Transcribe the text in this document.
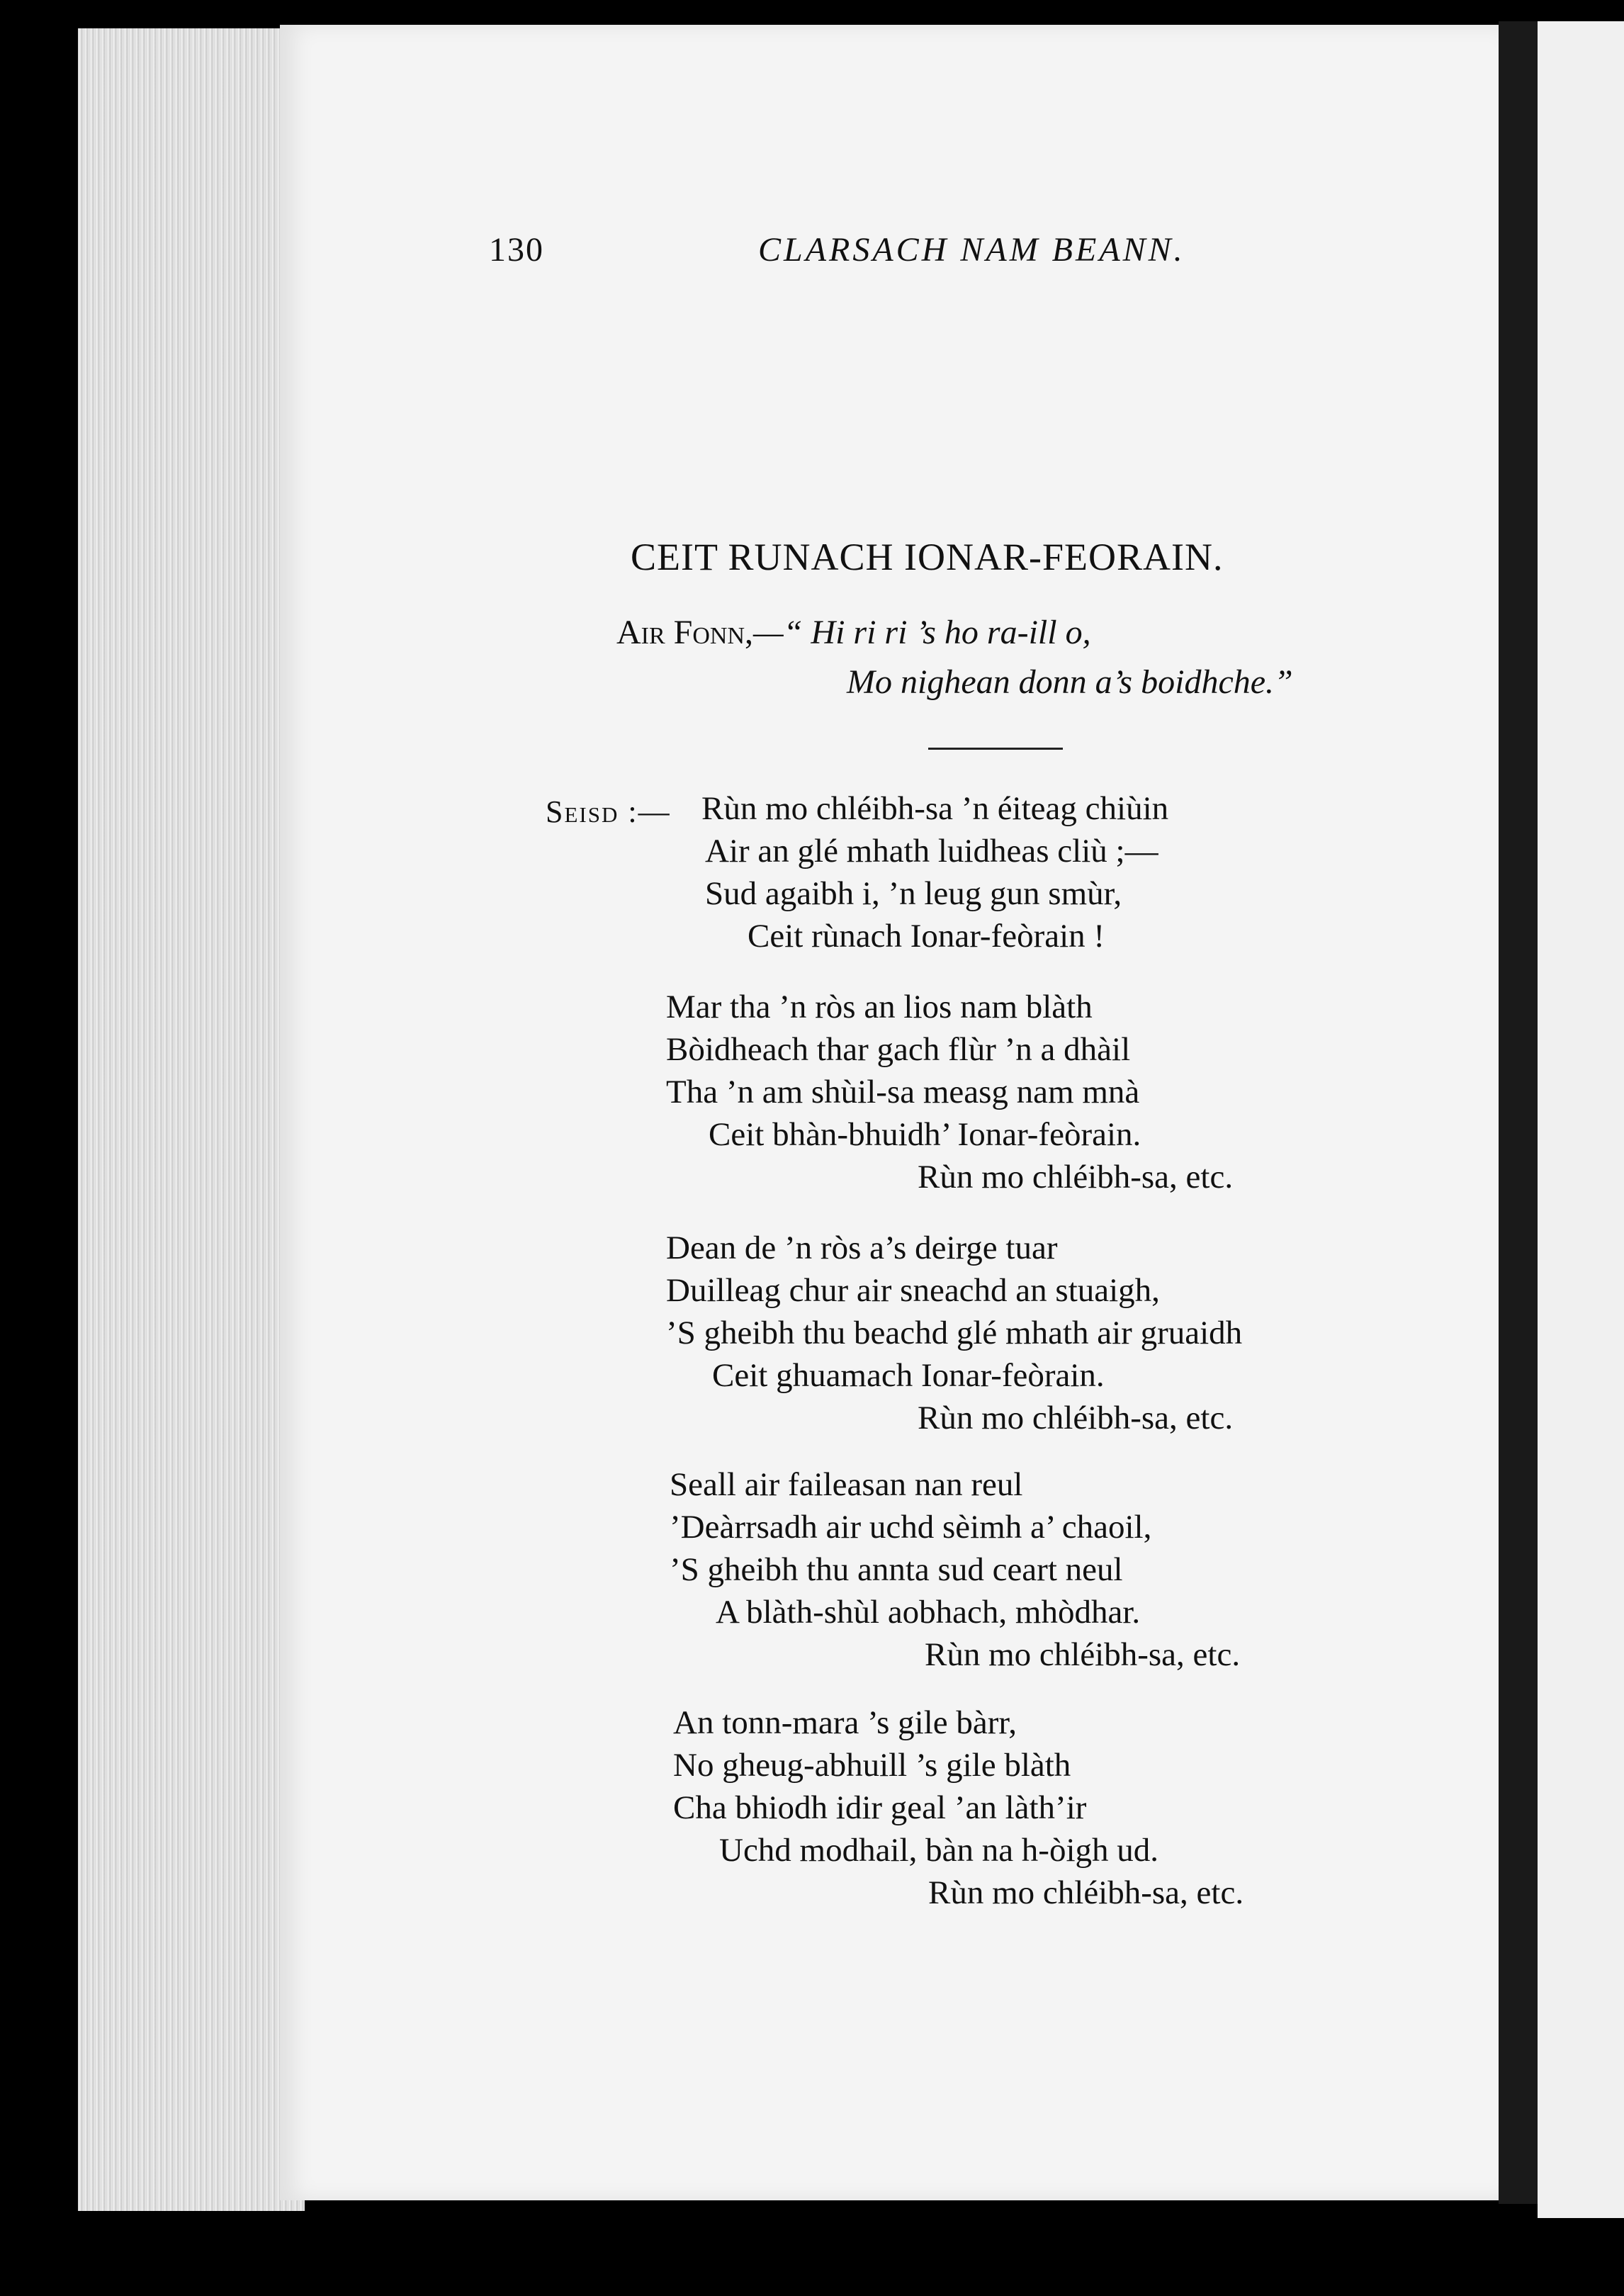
130	CLARSACH NAM BEANN.
CEIT RUNACH IONAR-FEORAIN.
Air Fonn,—“ Hi ri ri ’s ho ra-ill o,
Mo nighean donn a’s boidhche.”
Seisd :— Rùn mo chléibh-sa ’n éiteag chiùin
Air an glé mhath luidheas cliù ;—
Sud agaibh i, ’n leug gun smùr,
Ceit rùnach Ionar-feòrain !
Mar tha ’n ròs an lios nam blàth
Bòidheach thar gach flùr ’n a dhàil
Tha ’n am shùil-sa measg nam mnà
Ceit bhàn-bhuidh’ Ionar-feòrain.
Rùn mo chléibh-sa, etc.
Dean de ’n ròs a’s deirge tuar
Duilleag chur air sneachd an stuaigh,
’S gheibh thu beachd glé mhath air gruaidh
Ceit ghuamach Ionar-feòrain.
Rùn mo chléibh-sa, etc.
Seall air faileasan nan reul
’Deàrrsadh air uchd sèimh a’ chaoil,
’S gheibh thu annta sud ceart neul
A blàth-shùl aobhach, mhòdhar.
Rùn mo chléibh-sa, etc.
An tonn-mara ’s gile bàrr,
No gheug-abhuill ’s gile blàth
Cha bhiodh idir geal ’an làth’ir
Uchd modhail, bàn na h-òigh ud.
Rùn mo chléibh-sa, etc.
